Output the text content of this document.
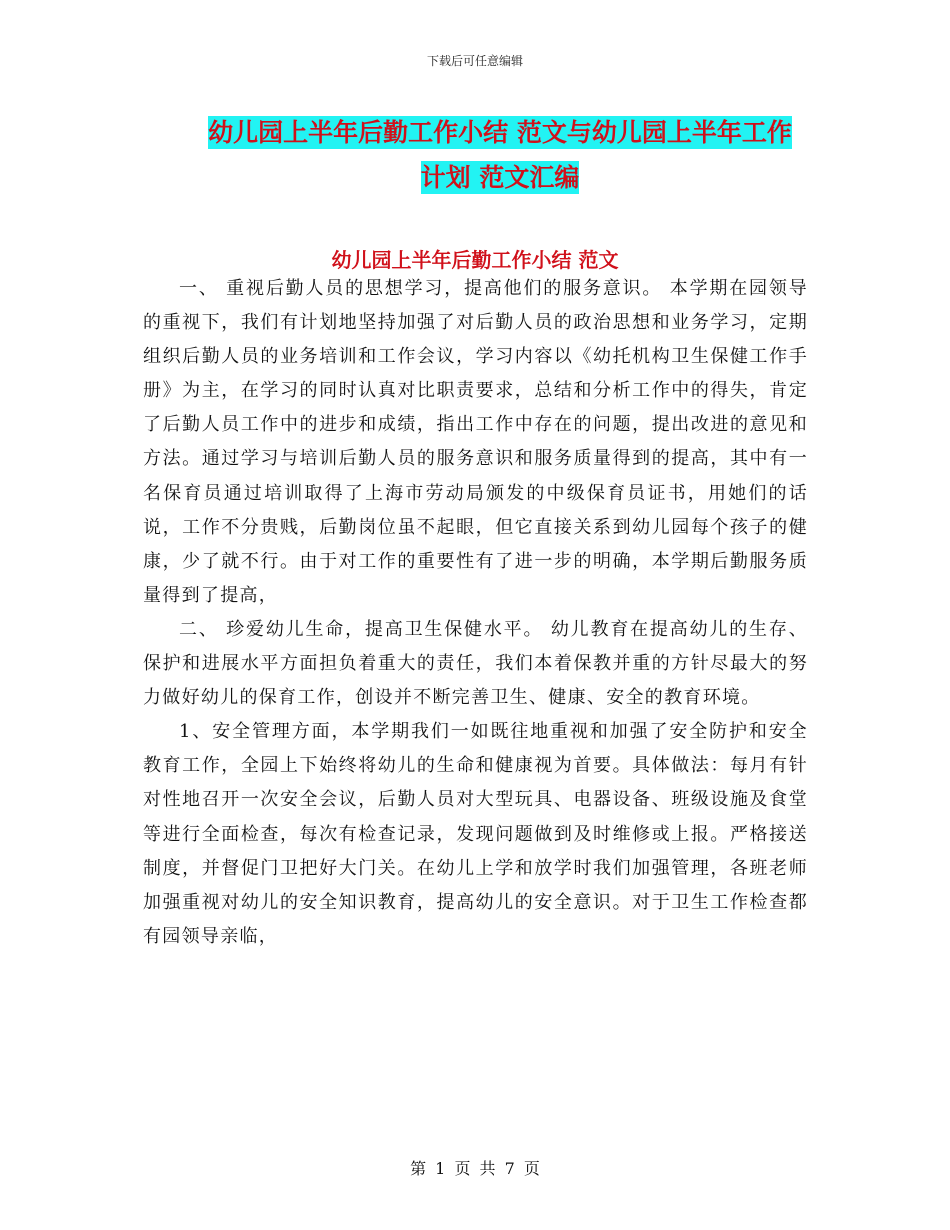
下载后可任意编辑
幼儿园上半年后勤工作小结 范文与幼儿园上半年工作
计划 范文汇编
幼儿园上半年后勤工作小结 范文

一、 重视后勤人员的思想学习，提高他们的服务意识。 本学期在园领导的重视下，我们有计划地坚持加强了对后勤人员的政治思想和业务学习，定期组织后勤人员的业务培训和工作会议，学习内容以《幼托机构卫生保健工作手册》为主，在学习的同时认真对比职责要求，总结和分析工作中的得失，肯定了后勤人员工作中的进步和成绩，指出工作中存在的问题，提出改进的意见和方法。通过学习与培训后勤人员的服务意识和服务质量得到的提高，其中有一名保育员通过培训取得了上海市劳动局颁发的中级保育员证书，用她们的话说，工作不分贵贱，后勤岗位虽不起眼，但它直接关系到幼儿园每个孩子的健康，少了就不行。由于对工作的重要性有了进一步的明确，本学期后勤服务质量得到了提高，

二、 珍爱幼儿生命，提高卫生保健水平。 幼儿教育在提高幼儿的生存、保护和进展水平方面担负着重大的责任，我们本着保教并重的方针尽最大的努力做好幼儿的保育工作，创设并不断完善卫生、健康、安全的教育环境。

1、安全管理方面，本学期我们一如既往地重视和加强了安全防护和安全教育工作，全园上下始终将幼儿的生命和健康视为首要。具体做法：每月有针对性地召开一次安全会议，后勤人员对大型玩具、电器设备、班级设施及食堂等进行全面检查，每次有检查记录，发现问题做到及时维修或上报。严格接送制度，并督促门卫把好大门关。在幼儿上学和放学时我们加强管理，各班老师加强重视对幼儿的安全知识教育，提高幼儿的安全意识。对于卫生工作检查都有园领导亲临，

第 1 页 共 7 页
